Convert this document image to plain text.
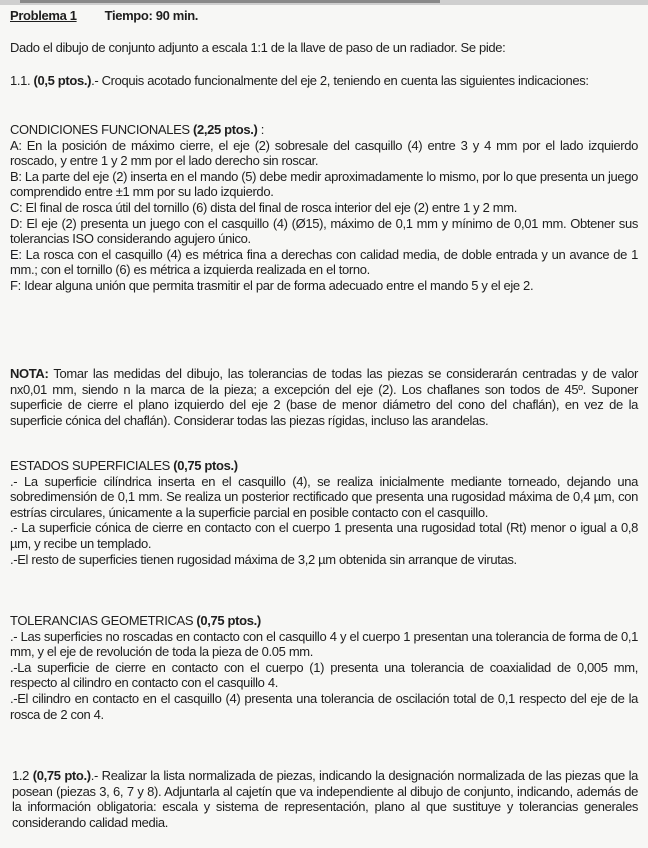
Problema 1 Tiempo: 90 min.
Dado el dibujo de conjunto adjunto a escala 1:1 de la llave de paso de un radiador. Se pide:
1.1. (0,5 ptos.).- Croquis acotado funcionalmente del eje 2, teniendo en cuenta las siguientes indicaciones:
CONDICIONES FUNCIONALES (2,25 ptos.) :
A: En la posición de máximo cierre, el eje (2) sobresale del casquillo (4) entre 3 y 4 mm por el lado izquierdo roscado, y entre 1 y 2 mm por el lado derecho sin roscar.
B: La parte del eje (2) inserta en el mando (5) debe medir aproximadamente lo mismo, por lo que presenta un juego comprendido entre ±1 mm por su lado izquierdo.
C: El final de rosca útil del tornillo (6) dista del final de rosca interior del eje (2) entre 1 y 2 mm.
D: El eje (2) presenta un juego con el casquillo (4) (Ø15), máximo de 0,1 mm y mínimo de 0,01 mm. Obtener sus tolerancias ISO considerando agujero único.
E: La rosca con el casquillo (4) es métrica fina a derechas con calidad media, de doble entrada y un avance de 1 mm.; con el tornillo (6) es métrica a izquierda realizada en el torno.
F: Idear alguna unión que permita trasmitir el par de forma adecuado entre el mando 5 y el eje 2.
NOTA: Tomar las medidas del dibujo, las tolerancias de todas las piezas se considerarán centradas y de valor nx0,01 mm, siendo n la marca de la pieza; a excepción del eje (2). Los chaflanes son todos de 45º. Suponer superficie de cierre el plano izquierdo del eje 2 (base de menor diámetro del cono del chaflán), en vez de la superficie cónica del chaflán). Considerar todas las piezas rígidas, incluso las arandelas.
ESTADOS SUPERFICIALES (0,75 ptos.)
.- La superficie cilíndrica inserta en el casquillo (4), se realiza inicialmente mediante torneado, dejando una sobredimensión de 0,1 mm. Se realiza un posterior rectificado que presenta una rugosidad máxima de 0,4 µm, con estrías circulares, únicamente a la superficie parcial en posible contacto con el casquillo.
.- La superficie cónica de cierre en contacto con el cuerpo 1 presenta una rugosidad total (Rt) menor o igual a 0,8 µm, y recibe un templado.
.-El resto de superficies tienen rugosidad máxima de 3,2 µm obtenida sin arranque de virutas.
TOLERANCIAS GEOMETRICAS (0,75 ptos.)
.- Las superficies no roscadas en contacto con el casquillo 4 y el cuerpo 1 presentan una tolerancia de forma de 0,1 mm, y el eje de revolución de toda la pieza de 0.05 mm.
.-La superficie de cierre en contacto con el cuerpo (1) presenta una tolerancia de coaxialidad de 0,005 mm, respecto al cilindro en contacto con el casquillo 4.
.-El cilindro en contacto en el casquillo (4) presenta una tolerancia de oscilación total de 0,1 respecto del eje de la rosca de 2 con 4.
1.2 (0,75 pto.).- Realizar la lista normalizada de piezas, indicando la designación normalizada de las piezas que la posean (piezas 3, 6, 7 y 8). Adjuntarla al cajetín que va independiente al dibujo de conjunto, indicando, además de la información obligatoria: escala y sistema de representación, plano al que sustituye y tolerancias generales considerando calidad media.
